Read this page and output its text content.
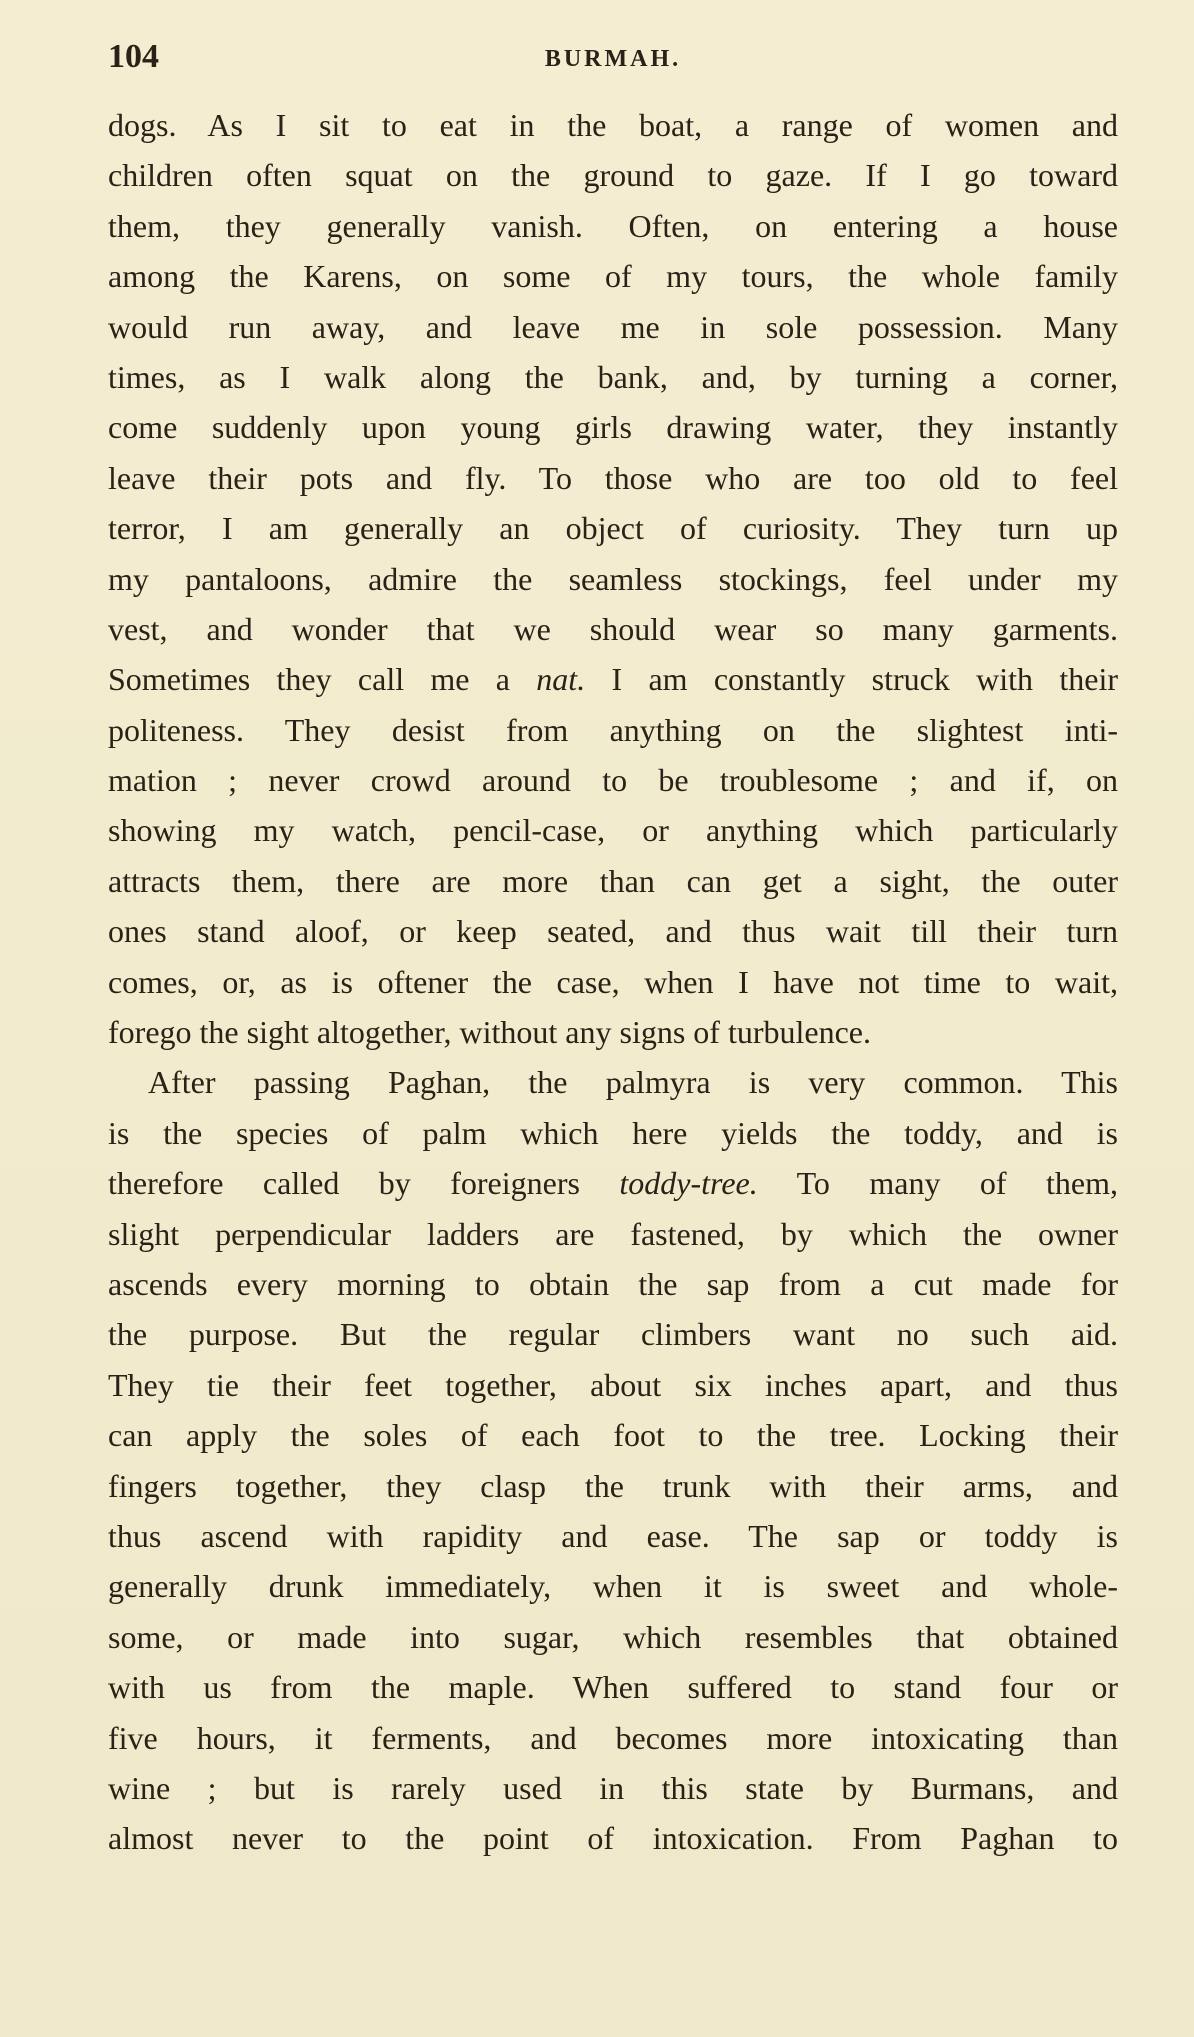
104	BURMAH.
dogs. As I sit to eat in the boat, a range of women and
children often squat on the ground to gaze. If I go toward
them, they generally vanish. Often, on entering a house
among the Karens, on some of my tours, the whole family
would run away, and leave me in sole possession. Many
times, as I walk along the bank, and, by turning a corner,
come suddenly upon young girls drawing water, they instantly
leave their pots and fly. To those who are too old to feel
terror, I am generally an object of curiosity. They turn up
my pantaloons, admire the seamless stockings, feel under my
vest, and wonder that we should wear so many garments.
Sometimes they call me a nat. I am constantly struck with their
politeness. They desist from anything on the slightest inti-
mation ; never crowd around to be troublesome ; and if, on
showing my watch, pencil-case, or anything which particularly
attracts them, there are more than can get a sight, the outer
ones stand aloof, or keep seated, and thus wait till their turn
comes, or, as is oftener the case, when I have not time to wait,
forego the sight altogether, without any signs of turbulence.
After passing Paghan, the palmyra is very common. This
is the species of palm which here yields the toddy, and is
therefore called by foreigners toddy-tree. To many of them,
slight perpendicular ladders are fastened, by which the owner
ascends every morning to obtain the sap from a cut made for
the purpose. But the regular climbers want no such aid.
They tie their feet together, about six inches apart, and thus
can apply the soles of each foot to the tree. Locking their
fingers together, they clasp the trunk with their arms, and
thus ascend with rapidity and ease. The sap or toddy is
generally drunk immediately, when it is sweet and whole-
some, or made into sugar, which resembles that obtained
with us from the maple. When suffered to stand four or
five hours, it ferments, and becomes more intoxicating than
wine ; but is rarely used in this state by Burmans, and
almost never to the point of intoxication. From Paghan to
